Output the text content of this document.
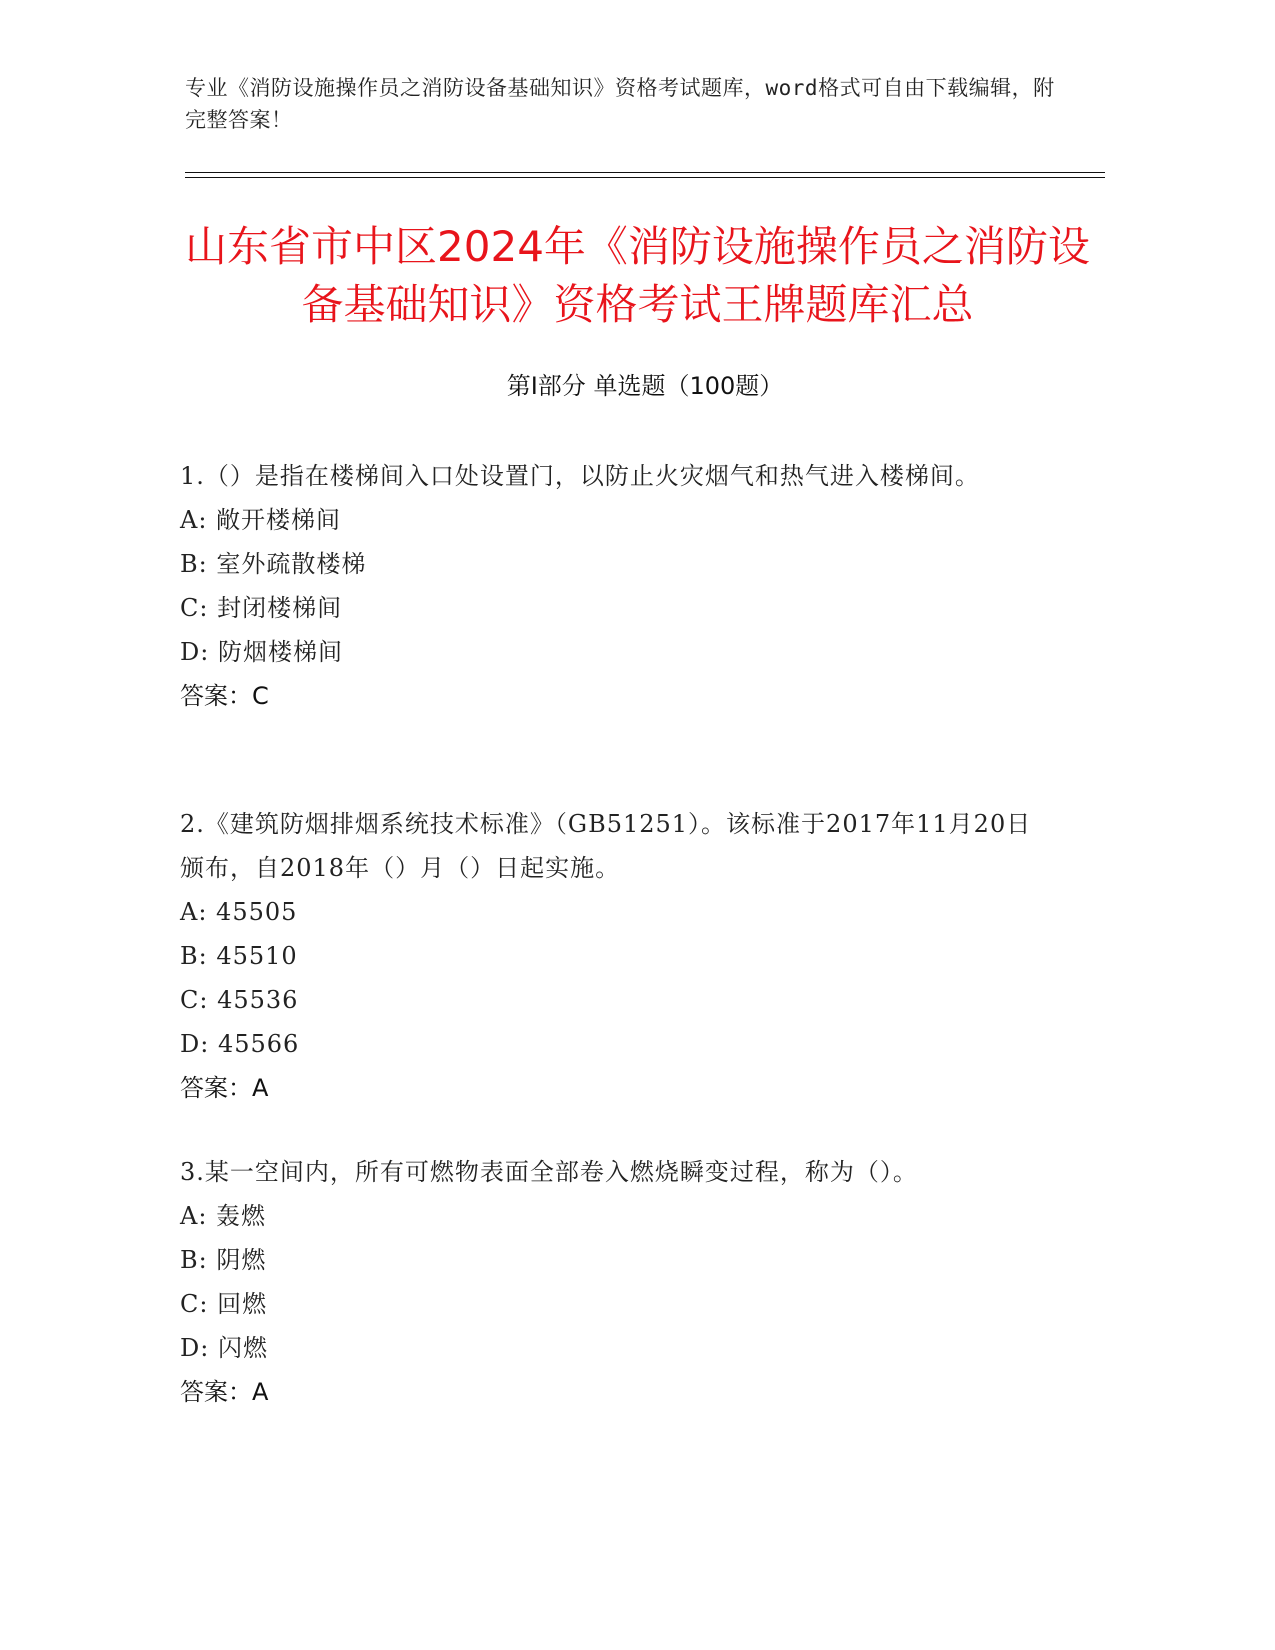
专业《消防设施操作员之消防设备基础知识》资格考试题库，word格式可自由下载编辑，附完整答案！
山东省市中区2024年《消防设施操作员之消防设备基础知识》资格考试王牌题库汇总
第I部分 单选题（100题）
1.（）是指在楼梯间入口处设置门，以防止火灾烟气和热气进入楼梯间。
A: 敞开楼梯间
B: 室外疏散楼梯
C: 封闭楼梯间
D: 防烟楼梯间
答案：C
2.《建筑防烟排烟系统技术标准》（GB51251）。该标准于2017年11月20日颁布，自2018年（）月（）日起实施。
A: 45505
B: 45510
C: 45536
D: 45566
答案：A
3.某一空间内，所有可燃物表面全部卷入燃烧瞬变过程，称为（）。
A: 轰燃
B: 阴燃
C: 回燃
D: 闪燃
答案：A
